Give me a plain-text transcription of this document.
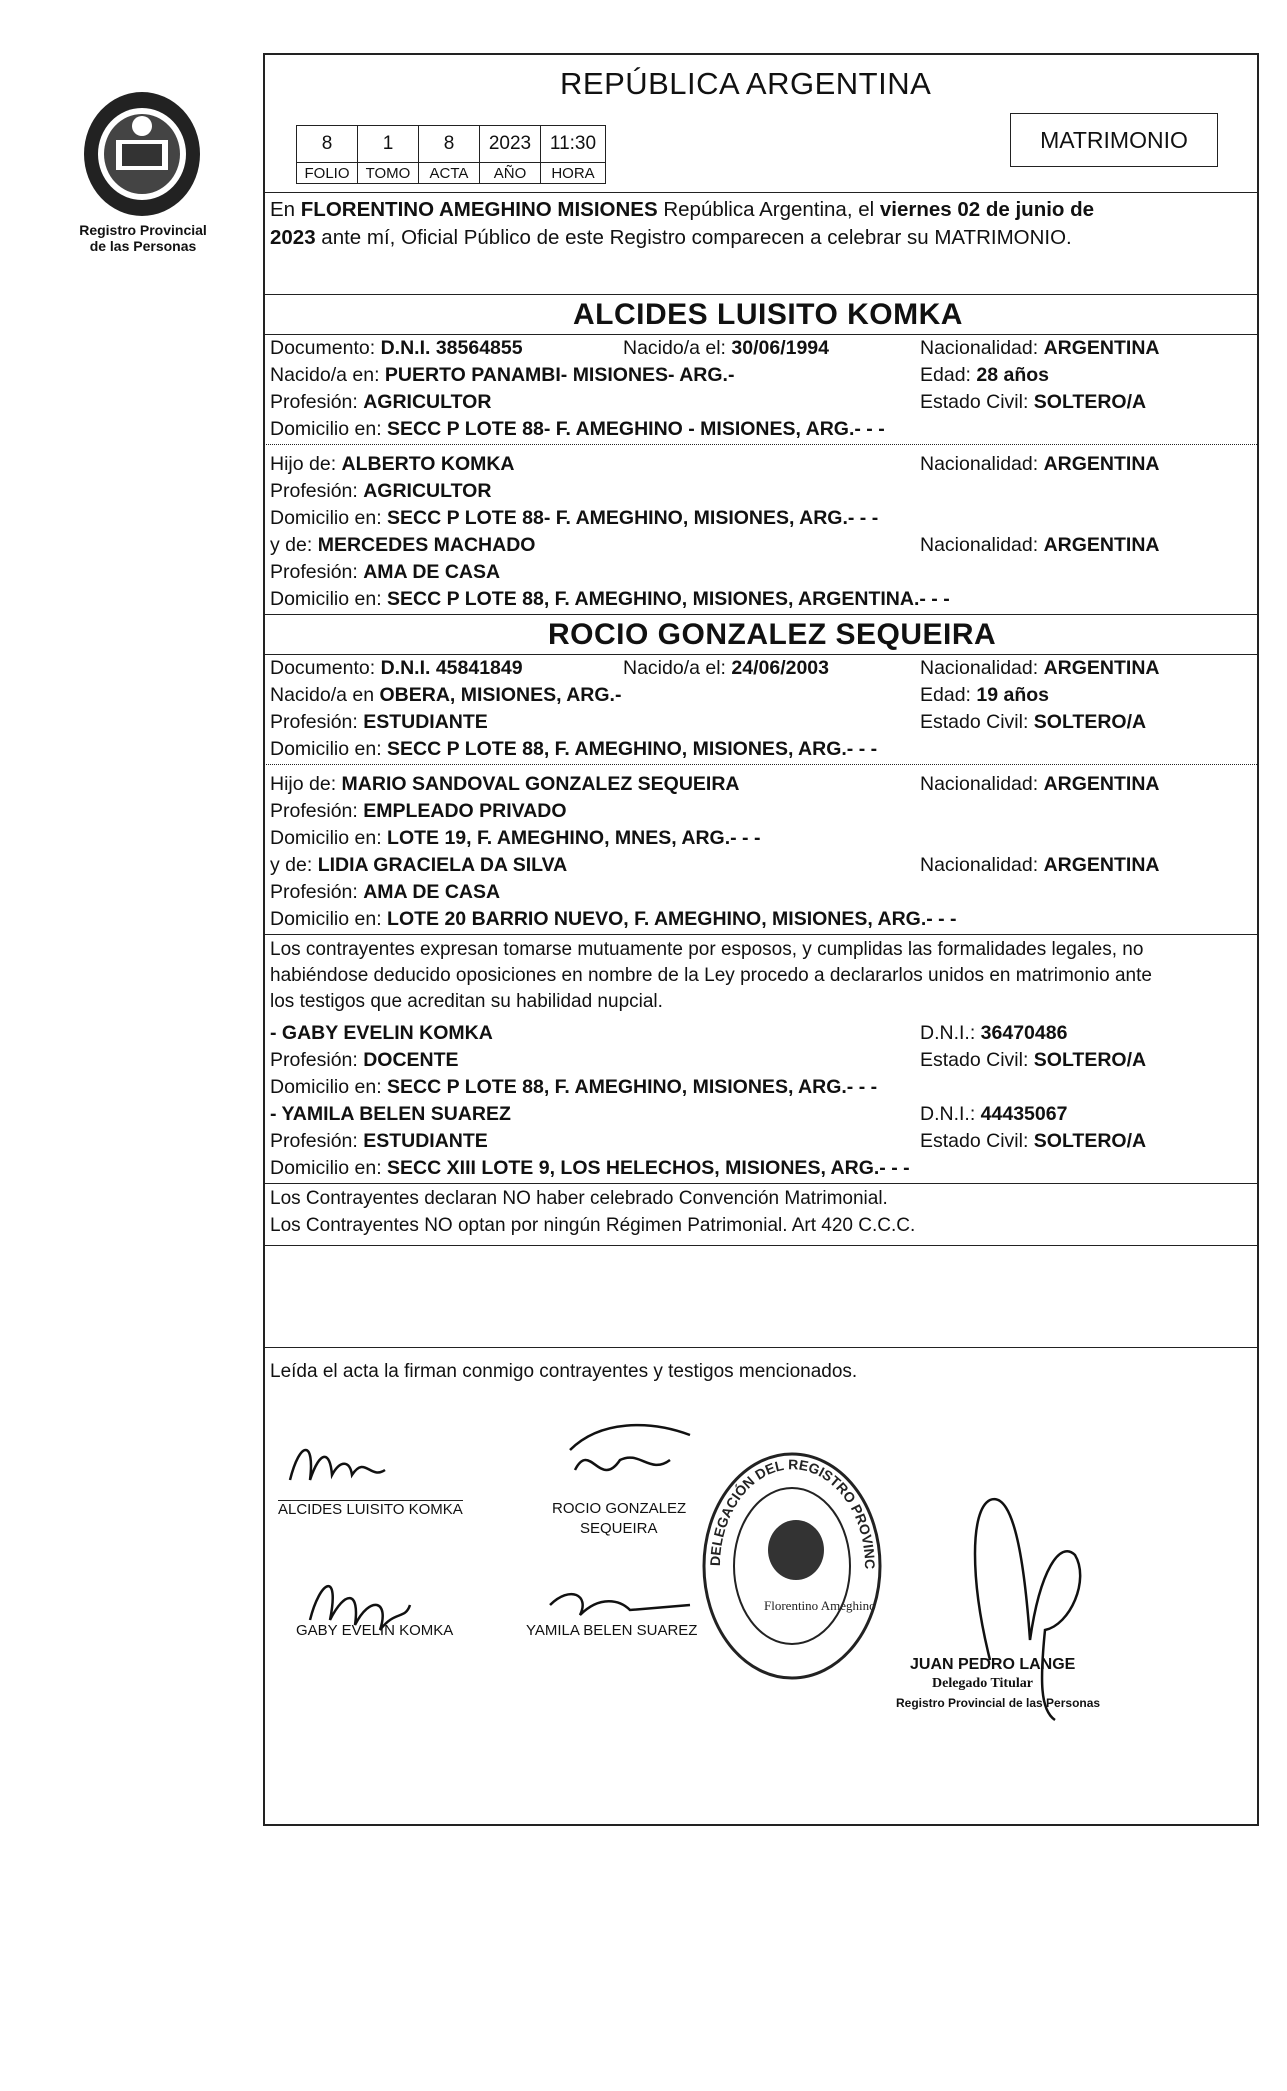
Registro Provincial
de las Personas
REPÚBLICA ARGENTINA
MATRIMONIO
8	1	8	2023	11:30
FOLIO	TOMO	ACTA	AÑO	HORA
En FLORENTINO AMEGHINO MISIONES República Argentina, el viernes 02 de junio de
2023 ante mí, Oficial Público de este Registro comparecen a celebrar su MATRIMONIO.
ALCIDES LUISITO KOMKA
Documento: D.N.I. 38564855	Nacido/a el: 30/06/1994	Nacionalidad: ARGENTINA
Nacido/a en: PUERTO PANAMBI- MISIONES- ARG.-	Edad: 28 años
Profesión: AGRICULTOR	Estado Civil: SOLTERO/A
Domicilio en: SECC P LOTE 88- F. AMEGHINO - MISIONES, ARG.- - -
Hijo de: ALBERTO KOMKA	Nacionalidad: ARGENTINA
Profesión: AGRICULTOR
Domicilio en: SECC P LOTE 88- F. AMEGHINO, MISIONES, ARG.- - -
y de: MERCEDES MACHADO	Nacionalidad: ARGENTINA
Profesión: AMA DE CASA
Domicilio en: SECC P LOTE 88, F. AMEGHINO, MISIONES, ARGENTINA.- - -
ROCIO GONZALEZ SEQUEIRA
Documento: D.N.I. 45841849	Nacido/a el: 24/06/2003	Nacionalidad: ARGENTINA
Nacido/a en OBERA, MISIONES, ARG.-	Edad: 19 años
Profesión: ESTUDIANTE	Estado Civil: SOLTERO/A
Domicilio en: SECC P LOTE 88, F. AMEGHINO, MISIONES, ARG.- - -
Hijo de: MARIO SANDOVAL GONZALEZ SEQUEIRA	Nacionalidad: ARGENTINA
Profesión: EMPLEADO PRIVADO
Domicilio en: LOTE 19, F. AMEGHINO, MNES, ARG.- - -
y de: LIDIA GRACIELA DA SILVA	Nacionalidad: ARGENTINA
Profesión: AMA DE CASA
Domicilio en: LOTE 20 BARRIO NUEVO, F. AMEGHINO, MISIONES, ARG.- - -
Los contrayentes expresan tomarse mutuamente por esposos, y cumplidas las formalidades legales, no
habiéndose deducido oposiciones en nombre de la Ley procedo a declararlos unidos en matrimonio ante
los testigos que acreditan su habilidad nupcial.
- GABY EVELIN KOMKA	D.N.I.: 36470486
Profesión: DOCENTE	Estado Civil: SOLTERO/A
Domicilio en: SECC P LOTE 88, F. AMEGHINO, MISIONES, ARG.- - -
- YAMILA BELEN SUAREZ	D.N.I.: 44435067
Profesión: ESTUDIANTE	Estado Civil: SOLTERO/A
Domicilio en: SECC XIII LOTE 9, LOS HELECHOS, MISIONES, ARG.- - -
Los Contrayentes declaran NO haber celebrado Convención Matrimonial.
Los Contrayentes NO optan por ningún Régimen Patrimonial. Art 420 C.C.C.
Leída el acta la firman conmigo contrayentes y testigos mencionados.
ALCIDES LUISITO KOMKA	ROCIO GONZALEZ
SEQUEIRA
GABY EVELIN KOMKA	YAMILA BELEN SUAREZ
DELEGACIÓN DEL REGISTRO PROVINC
Florentino Ameghino
JUAN PEDRO LANGE
Delegado Titular
Registro Provincial de las Personas
